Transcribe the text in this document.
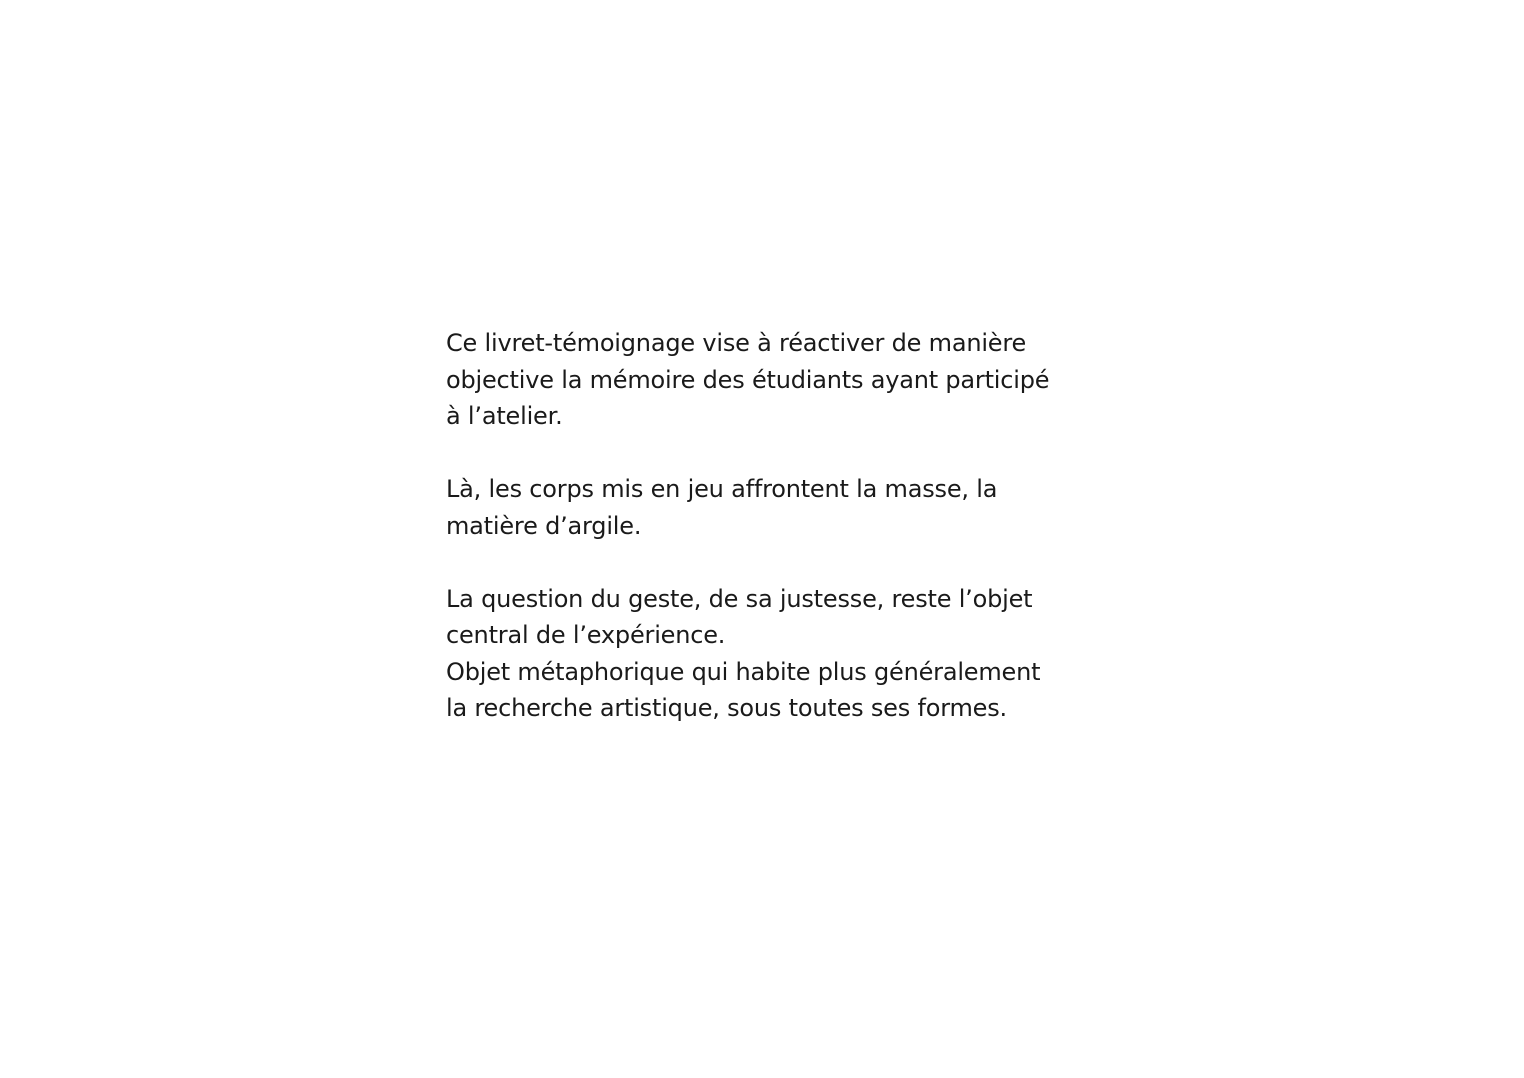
Ce livret-témoignage vise à réactiver de manière
objective la mémoire des étudiants ayant participé
à l’atelier.

Là, les corps mis en jeu affrontent la masse, la
matière d’argile.

La question du geste, de sa justesse, reste l’objet
central de l’expérience.
Objet métaphorique qui habite plus généralement
la recherche artistique, sous toutes ses formes.
